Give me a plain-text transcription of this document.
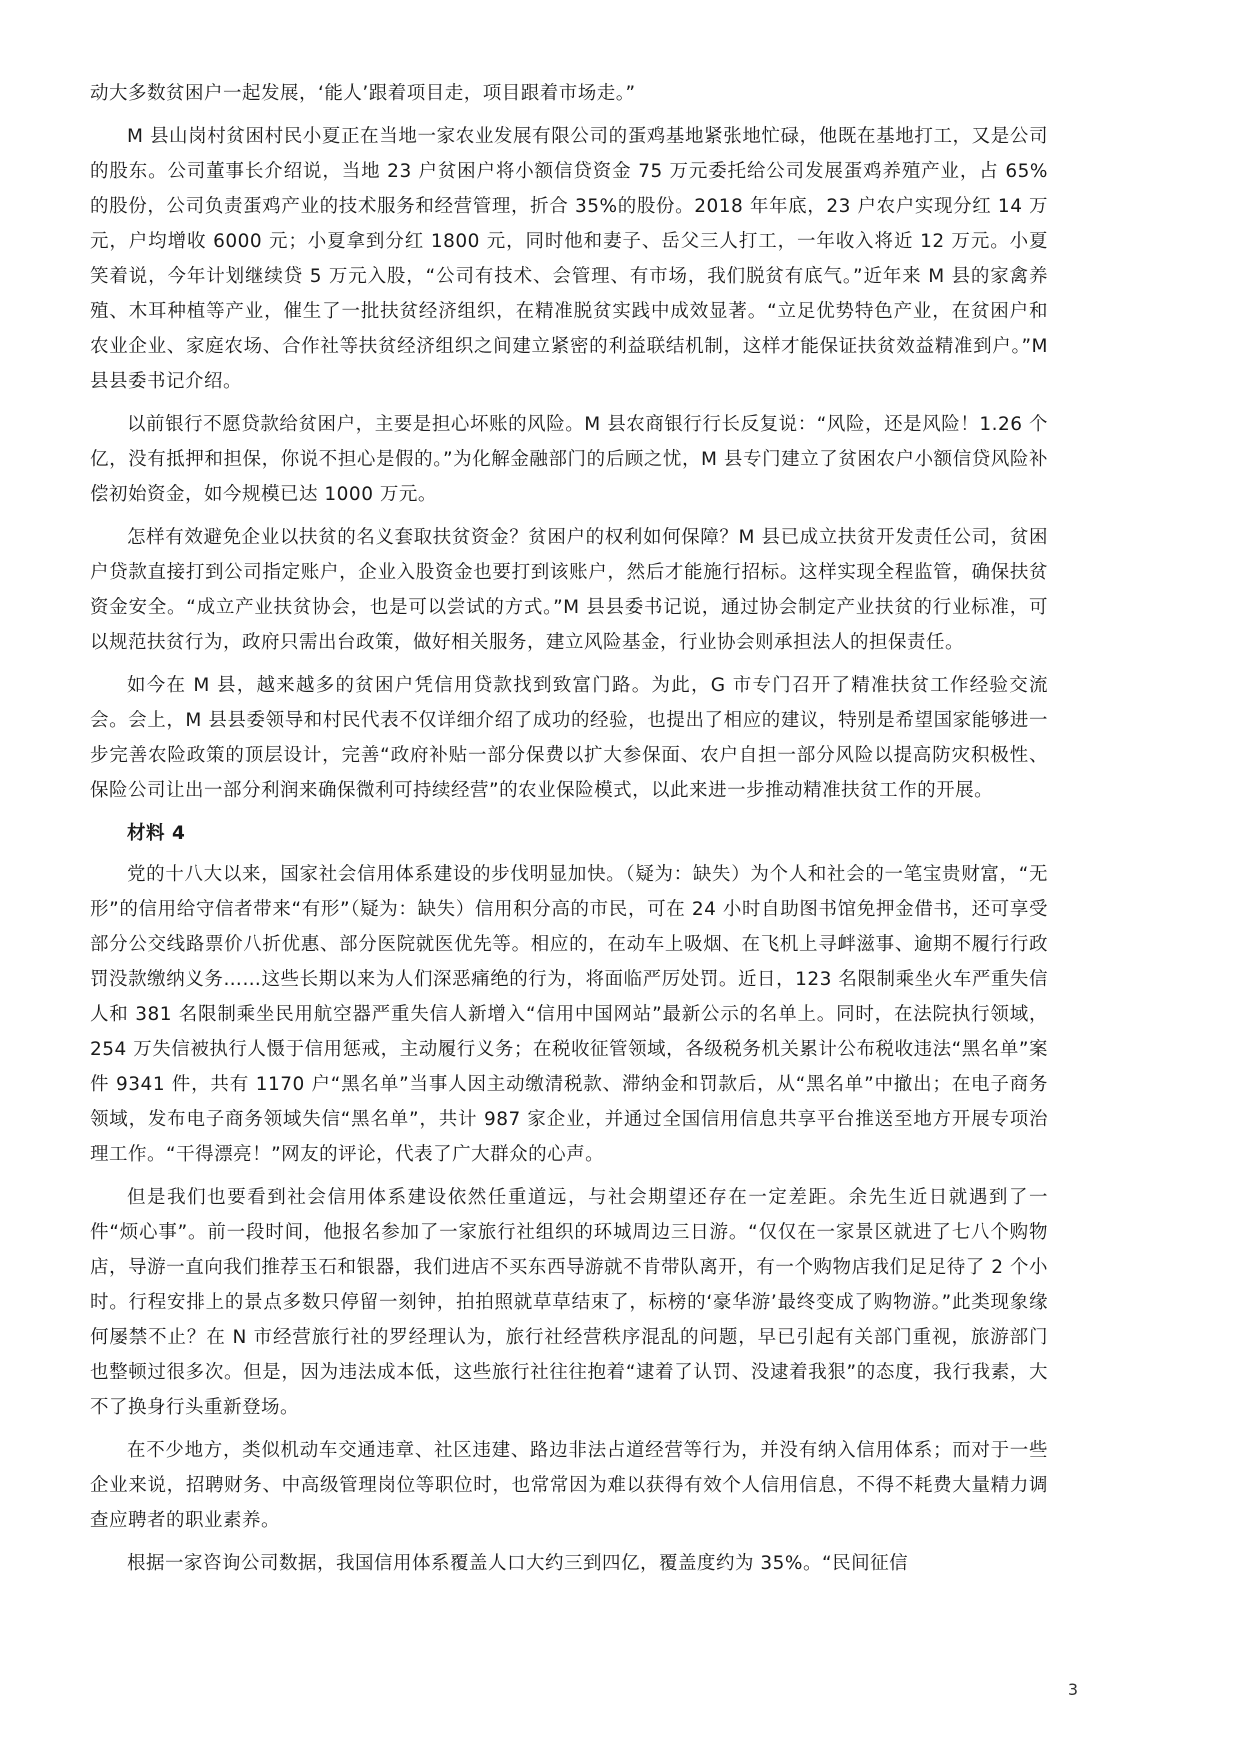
动大多数贫困户一起发展，‘能人’跟着项目走，项目跟着市场走。”

M 县山岗村贫困村民小夏正在当地一家农业发展有限公司的蛋鸡基地紧张地忙碌，他既在基地打工，又是公司的股东。公司董事长介绍说，当地 23 户贫困户将小额信贷资金 75 万元委托给公司发展蛋鸡养殖产业，占 65%的股份，公司负责蛋鸡产业的技术服务和经营管理，折合 35%的股份。2018 年年底，23 户农户实现分红 14 万元，户均增收 6000 元；小夏拿到分红 1800 元，同时他和妻子、岳父三人打工，一年收入将近 12 万元。小夏笑着说，今年计划继续贷 5 万元入股，“公司有技术、会管理、有市场，我们脱贫有底气。”近年来 M 县的家禽养殖、木耳种植等产业，催生了一批扶贫经济组织，在精准脱贫实践中成效显著。“立足优势特色产业，在贫困户和农业企业、家庭农场、合作社等扶贫经济组织之间建立紧密的利益联结机制，这样才能保证扶贫效益精准到户。”M 县县委书记介绍。

以前银行不愿贷款给贫困户，主要是担心坏账的风险。M 县农商银行行长反复说：“风险，还是风险！1.26 个亿，没有抵押和担保，你说不担心是假的。”为化解金融部门的后顾之忧，M 县专门建立了贫困农户小额信贷风险补偿初始资金，如今规模已达 1000 万元。

怎样有效避免企业以扶贫的名义套取扶贫资金？贫困户的权利如何保障？M 县已成立扶贫开发责任公司，贫困户贷款直接打到公司指定账户，企业入股资金也要打到该账户，然后才能施行招标。这样实现全程监管，确保扶贫资金安全。“成立产业扶贫协会，也是可以尝试的方式。”M 县县委书记说，通过协会制定产业扶贫的行业标准，可以规范扶贫行为，政府只需出台政策，做好相关服务，建立风险基金，行业协会则承担法人的担保责任。

如今在 M 县，越来越多的贫困户凭信用贷款找到致富门路。为此，G 市专门召开了精准扶贫工作经验交流会。会上，M 县县委领导和村民代表不仅详细介绍了成功的经验，也提出了相应的建议，特别是希望国家能够进一步完善农险政策的顶层设计，完善“政府补贴一部分保费以扩大参保面、农户自担一部分风险以提高防灾积极性、保险公司让出一部分利润来确保微利可持续经营”的农业保险模式，以此来进一步推动精准扶贫工作的开展。

材料 4

党的十八大以来，国家社会信用体系建设的步伐明显加快。（疑为：缺失）为个人和社会的一笔宝贵财富，“无形”的信用给守信者带来“有形”（疑为：缺失）信用积分高的市民，可在 24 小时自助图书馆免押金借书，还可享受部分公交线路票价八折优惠、部分医院就医优先等。相应的，在动车上吸烟、在飞机上寻衅滋事、逾期不履行行政罚没款缴纳义务……这些长期以来为人们深恶痛绝的行为，将面临严厉处罚。近日，123 名限制乘坐火车严重失信人和 381 名限制乘坐民用航空器严重失信人新增入“信用中国网站”最新公示的名单上。同时，在法院执行领域，254 万失信被执行人慑于信用惩戒，主动履行义务；在税收征管领域，各级税务机关累计公布税收违法“黑名单”案件 9341 件，共有 1170 户“黑名单”当事人因主动缴清税款、滞纳金和罚款后，从“黑名单”中撤出；在电子商务领域，发布电子商务领域失信“黑名单”，共计 987 家企业，并通过全国信用信息共享平台推送至地方开展专项治理工作。“干得漂亮！”网友的评论，代表了广大群众的心声。

但是我们也要看到社会信用体系建设依然任重道远，与社会期望还存在一定差距。余先生近日就遇到了一件“烦心事”。前一段时间，他报名参加了一家旅行社组织的环城周边三日游。“仅仅在一家景区就进了七八个购物店，导游一直向我们推荐玉石和银器，我们进店不买东西导游就不肯带队离开，有一个购物店我们足足待了 2 个小时。行程安排上的景点多数只停留一刻钟，拍拍照就草草结束了，标榜的‘豪华游’最终变成了购物游。”此类现象缘何屡禁不止？在 N 市经营旅行社的罗经理认为，旅行社经营秩序混乱的问题，早已引起有关部门重视，旅游部门也整顿过很多次。但是，因为违法成本低，这些旅行社往往抱着“逮着了认罚、没逮着我狠”的态度，我行我素，大不了换身行头重新登场。

在不少地方，类似机动车交通违章、社区违建、路边非法占道经营等行为，并没有纳入信用体系；而对于一些企业来说，招聘财务、中高级管理岗位等职位时，也常常因为难以获得有效个人信用信息，不得不耗费大量精力调查应聘者的职业素养。

根据一家咨询公司数据，我国信用体系覆盖人口大约三到四亿，覆盖度约为 35%。“民间征信

3
